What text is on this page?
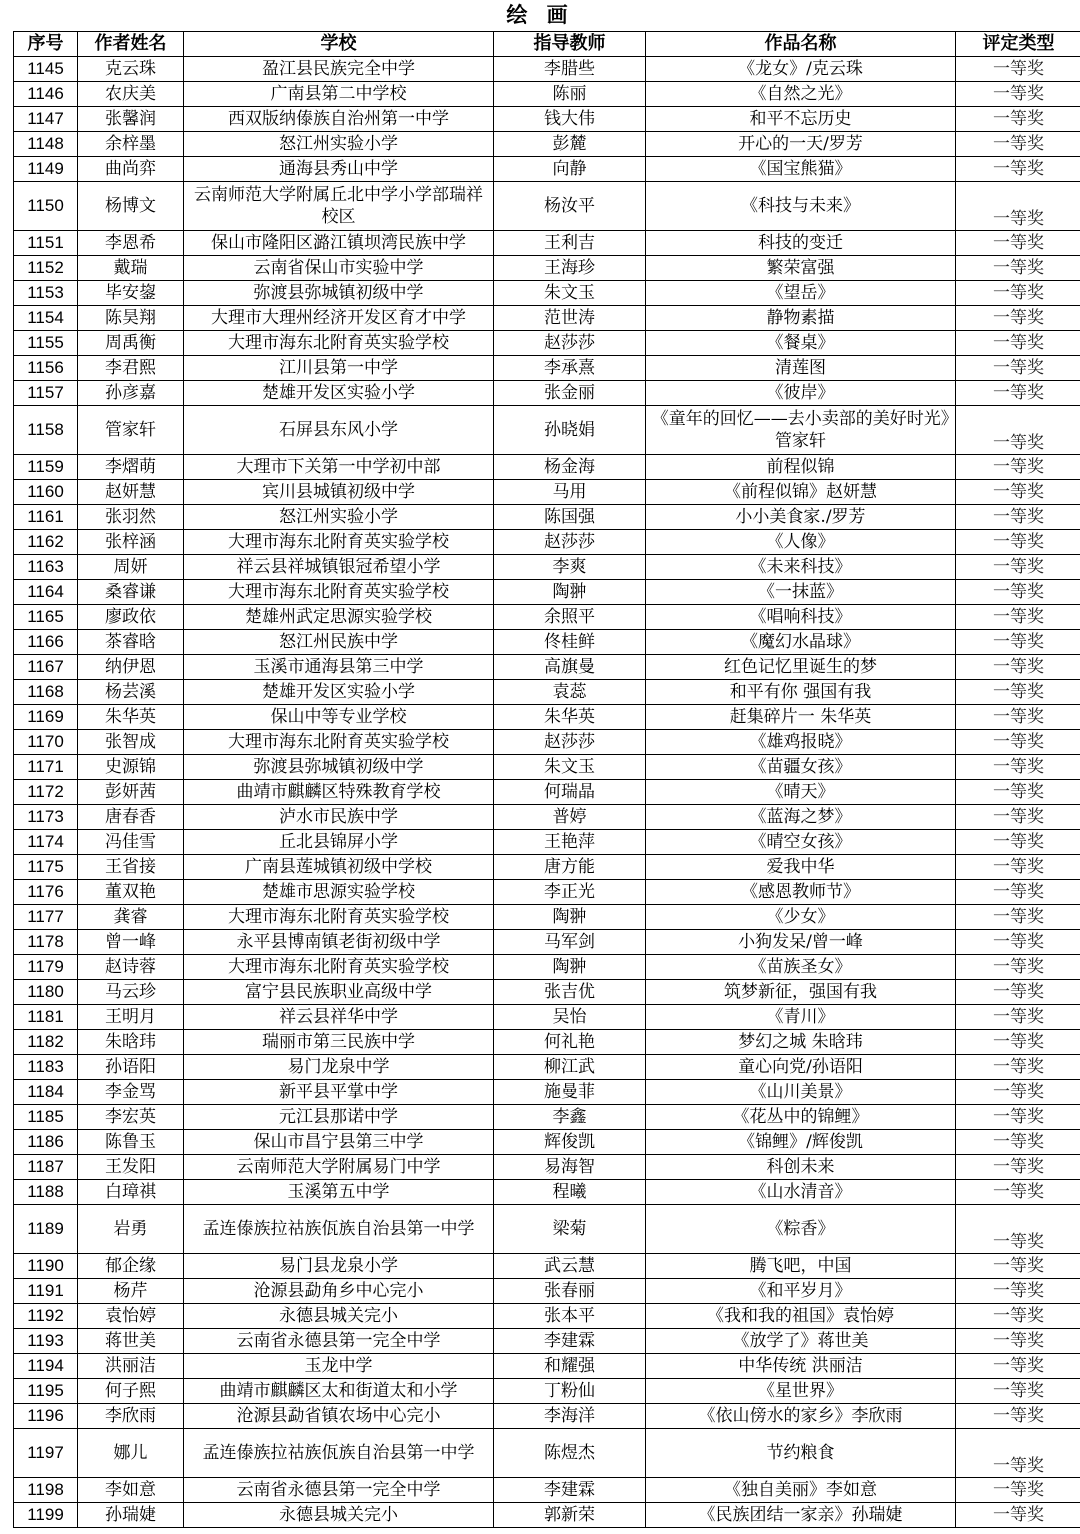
绘 画
序号	作者姓名	学校	指导教师	作品名称	评定类型
1145	克云珠	盈江县民族完全中学	李腊些	《龙女》/克云珠	一等奖
1146	农庆美	广南县第二中学校	陈丽	《自然之光》	一等奖
1147	张馨润	西双版纳傣族自治州第一中学	钱大伟	和平不忘历史	一等奖
1148	余梓墨	怒江州实验小学	彭麓	开心的一天/罗芳	一等奖
1149	曲尚弈	通海县秀山中学	向静	《国宝熊猫》	一等奖
1150	杨博文	云南师范大学附属丘北中学小学部瑞祥校区	杨汝平	《科技与未来》	一等奖
1151	李恩希	保山市隆阳区潞江镇坝湾民族中学	王利吉	科技的变迁	一等奖
1152	戴瑞	云南省保山市实验中学	王海珍	繁荣富强	一等奖
1153	毕安鋆	弥渡县弥城镇初级中学	朱文玉	《望岳》	一等奖
1154	陈昊翔	大理市大理州经济开发区育才中学	范世涛	静物素描	一等奖
1155	周禹衡	大理市海东北附育英实验学校	赵莎莎	《餐桌》	一等奖
1156	李君熙	江川县第一中学	李承熹	清莲图	一等奖
1157	孙彦嘉	楚雄开发区实验小学	张金丽	《彼岸》	一等奖
1158	管家轩	石屏县东风小学	孙晓娟	《童年的回忆——去小卖部的美好时光》管家轩	一等奖
1159	李熠萌	大理市下关第一中学初中部	杨金海	前程似锦	一等奖
1160	赵妍慧	宾川县城镇初级中学	马用	《前程似锦》赵妍慧	一等奖
1161	张羽然	怒江州实验小学	陈国强	小小美食家./罗芳	一等奖
1162	张梓涵	大理市海东北附育英实验学校	赵莎莎	《人像》	一等奖
1163	周妍	祥云县祥城镇银冠希望小学	李爽	《未来科技》	一等奖
1164	桑睿谦	大理市海东北附育英实验学校	陶翀	《一抹蓝》	一等奖
1165	廖政依	楚雄州武定思源实验学校	余照平	《唱响科技》	一等奖
1166	茶睿晗	怒江州民族中学	佟桂鲜	《魔幻水晶球》	一等奖
1167	纳伊恩	玉溪市通海县第三中学	高旗曼	红色记忆里诞生的梦	一等奖
1168	杨芸溪	楚雄开发区实验小学	袁蕊	和平有你 强国有我	一等奖
1169	朱华英	保山中等专业学校	朱华英	赶集碎片一 朱华英	一等奖
1170	张智成	大理市海东北附育英实验学校	赵莎莎	《雄鸡报晓》	一等奖
1171	史源锦	弥渡县弥城镇初级中学	朱文玉	《苗疆女孩》	一等奖
1172	彭妍茜	曲靖市麒麟区特殊教育学校	何瑞晶	《晴天》	一等奖
1173	唐春香	泸水市民族中学	普婷	《蓝海之梦》	一等奖
1174	冯佳雪	丘北县锦屏小学	王艳萍	《晴空女孩》	一等奖
1175	王省接	广南县莲城镇初级中学校	唐方能	爱我中华	一等奖
1176	董双艳	楚雄市思源实验学校	李正光	《感恩教师节》	一等奖
1177	龚睿	大理市海东北附育英实验学校	陶翀	《少女》	一等奖
1178	曾一峰	永平县博南镇老街初级中学	马军剑	小狗发呆/曾一峰	一等奖
1179	赵诗蓉	大理市海东北附育英实验学校	陶翀	《苗族圣女》	一等奖
1180	马云珍	富宁县民族职业高级中学	张吉优	筑梦新征，强国有我	一等奖
1181	王明月	祥云县祥华中学	吴怡	《青川》	一等奖
1182	朱晗玮	瑞丽市第三民族中学	何礼艳	梦幻之城 朱晗玮	一等奖
1183	孙语阳	易门龙泉中学	柳江武	童心向党/孙语阳	一等奖
1184	李金骂	新平县平掌中学	施曼菲	《山川美景》	一等奖
1185	李宏英	元江县那诺中学	李鑫	《花丛中的锦鲤》	一等奖
1186	陈鲁玉	保山市昌宁县第三中学	辉俊凯	《锦鲤》/辉俊凯	一等奖
1187	王发阳	云南师范大学附属易门中学	易海智	科创未来	一等奖
1188	白璋祺	玉溪第五中学	程曦	《山水清音》	一等奖
1189	岩勇	孟连傣族拉祜族佤族自治县第一中学	梁菊	《粽香》	一等奖
1190	郁企缘	易门县龙泉小学	武云慧	腾飞吧，中国	一等奖
1191	杨芹	沧源县勐角乡中心完小	张春丽	《和平岁月》	一等奖
1192	袁怡婷	永德县城关完小	张本平	《我和我的祖国》袁怡婷	一等奖
1193	蒋世美	云南省永德县第一完全中学	李建霖	《放学了》蒋世美	一等奖
1194	洪丽洁	玉龙中学	和耀强	中华传统 洪丽洁	一等奖
1195	何子熙	曲靖市麒麟区太和街道太和小学	丁粉仙	《星世界》	一等奖
1196	李欣雨	沧源县勐省镇农场中心完小	李海洋	《依山傍水的家乡》李欣雨	一等奖
1197	娜儿	孟连傣族拉祜族佤族自治县第一中学	陈煜杰	节约粮食	一等奖
1198	李如意	云南省永德县第一完全中学	李建霖	《独自美丽》李如意	一等奖
1199	孙瑞婕	永德县城关完小	郭新荣	《民族团结一家亲》孙瑞婕	一等奖
